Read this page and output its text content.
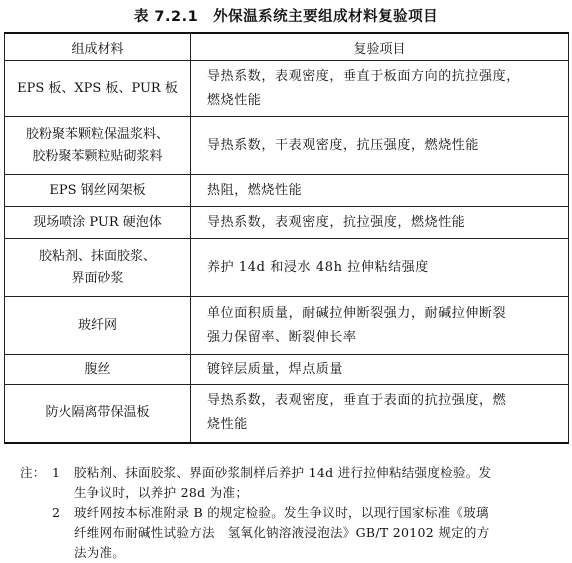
表 7.2.1　外保温系统主要组成材料复验项目
组成材料	复验项目

EPS 板、XPS 板、PUR 板	导热系数，表观密度，垂直于板面方向的抗拉强度，
燃烧性能

胶粉聚苯颗粒保温浆料、
胶粉聚苯颗粒贴砌浆料	导热系数，干表观密度，抗压强度，燃烧性能

EPS 钢丝网架板	热阻，燃烧性能

现场喷涂 PUR 硬泡体	导热系数，表观密度，抗拉强度，燃烧性能

胶粘剂、抹面胶浆、
界面砂浆	养护 14d 和浸水 48h 拉伸粘结强度

玻纤网	单位面积质量，耐碱拉伸断裂强力，耐碱拉伸断裂
强力保留率、断裂伸长率

腹丝	镀锌层质量，焊点质量

防火隔离带保温板	导热系数，表观密度，垂直于表面的抗拉强度，燃
烧性能
注： 1	胶粘剂、抹面胶浆、界面砂浆制样后养护 14d 进行拉伸粘结强度检验。发
生争议时，以养护 28d 为准；
2	玻纤网按本标准附录 B 的规定检验。发生争议时，以现行国家标准《玻璃
纤维网布耐碱性试验方法　氢氧化钠溶液浸泡法》GB/T 20102 规定的方
法为准。
